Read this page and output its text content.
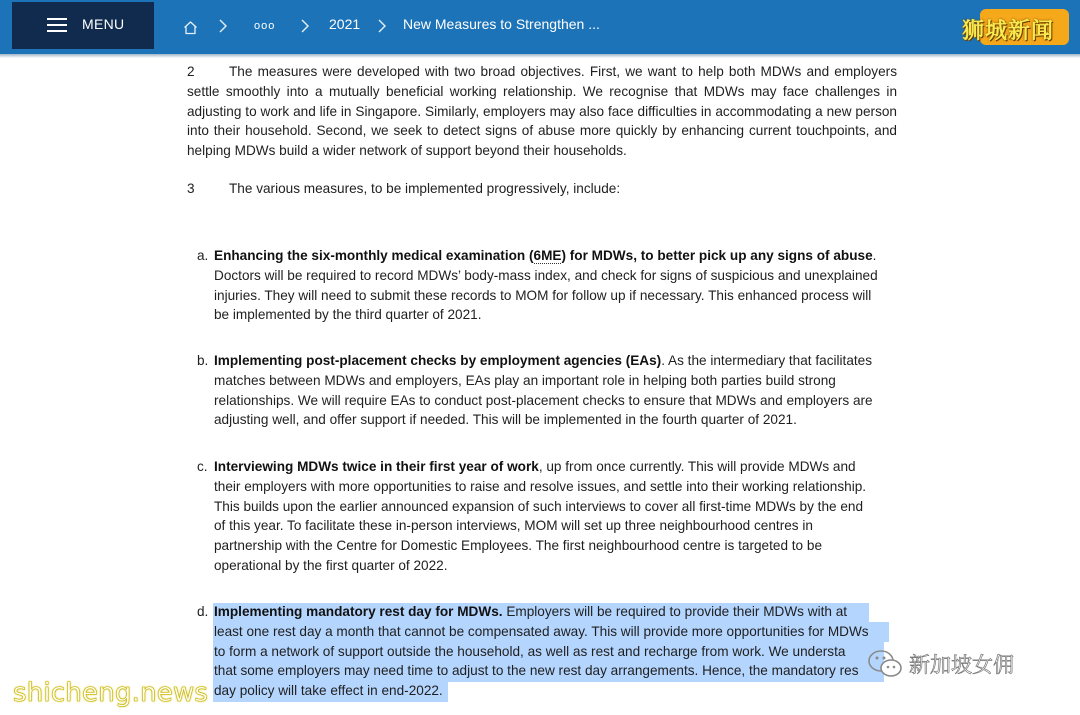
MENU	ooo	2021	New Measures to Strengthen ...	狮城新闻
2	The measures were developed with two broad objectives. First, we want to help both MDWs and employers settle smoothly into a mutually beneficial working relationship. We recognise that MDWs may face challenges in adjusting to work and life in Singapore. Similarly, employers may also face difficulties in accommodating a new person into their household. Second, we seek to detect signs of abuse more quickly by enhancing current touchpoints, and helping MDWs build a wider network of support beyond their households.
3	The various measures, to be implemented progressively, include:
a. Enhancing the six-monthly medical examination (6ME) for MDWs, to better pick up any signs of abuse.
Doctors will be required to record MDWs’ body-mass index, and check for signs of suspicious and unexplained
injuries. They will need to submit these records to MOM for follow up if necessary. This enhanced process will
be implemented by the third quarter of 2021.
b. Implementing post-placement checks by employment agencies (EAs). As the intermediary that facilitates
matches between MDWs and employers, EAs play an important role in helping both parties build strong
relationships. We will require EAs to conduct post-placement checks to ensure that MDWs and employers are
adjusting well, and offer support if needed. This will be implemented in the fourth quarter of 2021.
c. Interviewing MDWs twice in their first year of work, up from once currently. This will provide MDWs and
their employers with more opportunities to raise and resolve issues, and settle into their working relationship.
This builds upon the earlier announced expansion of such interviews to cover all first-time MDWs by the end
of this year. To facilitate these in-person interviews, MOM will set up three neighbourhood centres in
partnership with the Centre for Domestic Employees. The first neighbourhood centre is targeted to be
operational by the first quarter of 2022.
d. Implementing mandatory rest day for MDWs. Employers will be required to provide their MDWs with at
least one rest day a month that cannot be compensated away. This will provide more opportunities for MDWs
to form a network of support outside the household, as well as rest and recharge from work. We understa
that some employers may need time to adjust to the new rest day arrangements. Hence, the mandatory res
day policy will take effect in end-2022.
shicheng.news
新加坡女佣
